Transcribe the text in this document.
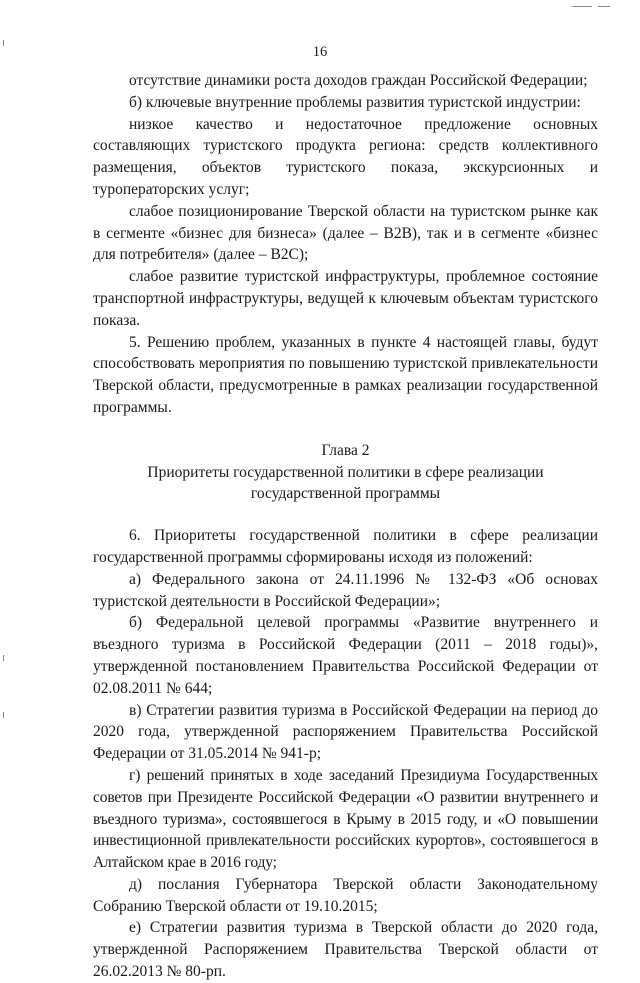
16

отсутствие динамики роста доходов граждан Российской Федерации;

б) ключевые внутренние проблемы развития туристской индустрии:

низкое качество и недостаточное предложение основных составляющих туристского продукта региона: средств коллективного размещения, объектов туристского показа, экскурсионных и туроператорских услуг;

слабое позиционирование Тверской области на туристском рынке как в сегменте «бизнес для бизнеса» (далее – B2B), так и в сегменте «бизнес для потребителя» (далее – B2C);

слабое развитие туристской инфраструктуры, проблемное состояние транспортной инфраструктуры, ведущей к ключевым объектам туристского показа.

5. Решению проблем, указанных в пункте 4 настоящей главы, будут способствовать мероприятия по повышению туристской привлекательности Тверской области, предусмотренные в рамках реализации государственной программы.

Глава 2
Приоритеты государственной политики в сфере реализации
государственной программы

6. Приоритеты государственной политики в сфере реализации государственной программы сформированы исходя из положений:

а) Федерального закона от 24.11.1996 № 132-ФЗ «Об основах туристской деятельности в Российской Федерации»;

б) Федеральной целевой программы «Развитие внутреннего и въездного туризма в Российской Федерации (2011 – 2018 годы)», утвержденной постановлением Правительства Российской Федерации от 02.08.2011 № 644;

в) Стратегии развития туризма в Российской Федерации на период до 2020 года, утвержденной распоряжением Правительства Российской Федерации от 31.05.2014 № 941-р;

г) решений принятых в ходе заседаний Президиума Государственных советов при Президенте Российской Федерации «О развитии внутреннего и въездного туризма», состоявшегося в Крыму в 2015 году, и «О повышении инвестиционной привлекательности российских курортов», состоявшегося в Алтайском крае в 2016 году;

д) послания Губернатора Тверской области Законодательному Собранию Тверской области от 19.10.2015;

е) Стратегии развития туризма в Тверской области до 2020 года, утвержденной Распоряжением Правительства Тверской области от 26.02.2013 № 80-рп.
